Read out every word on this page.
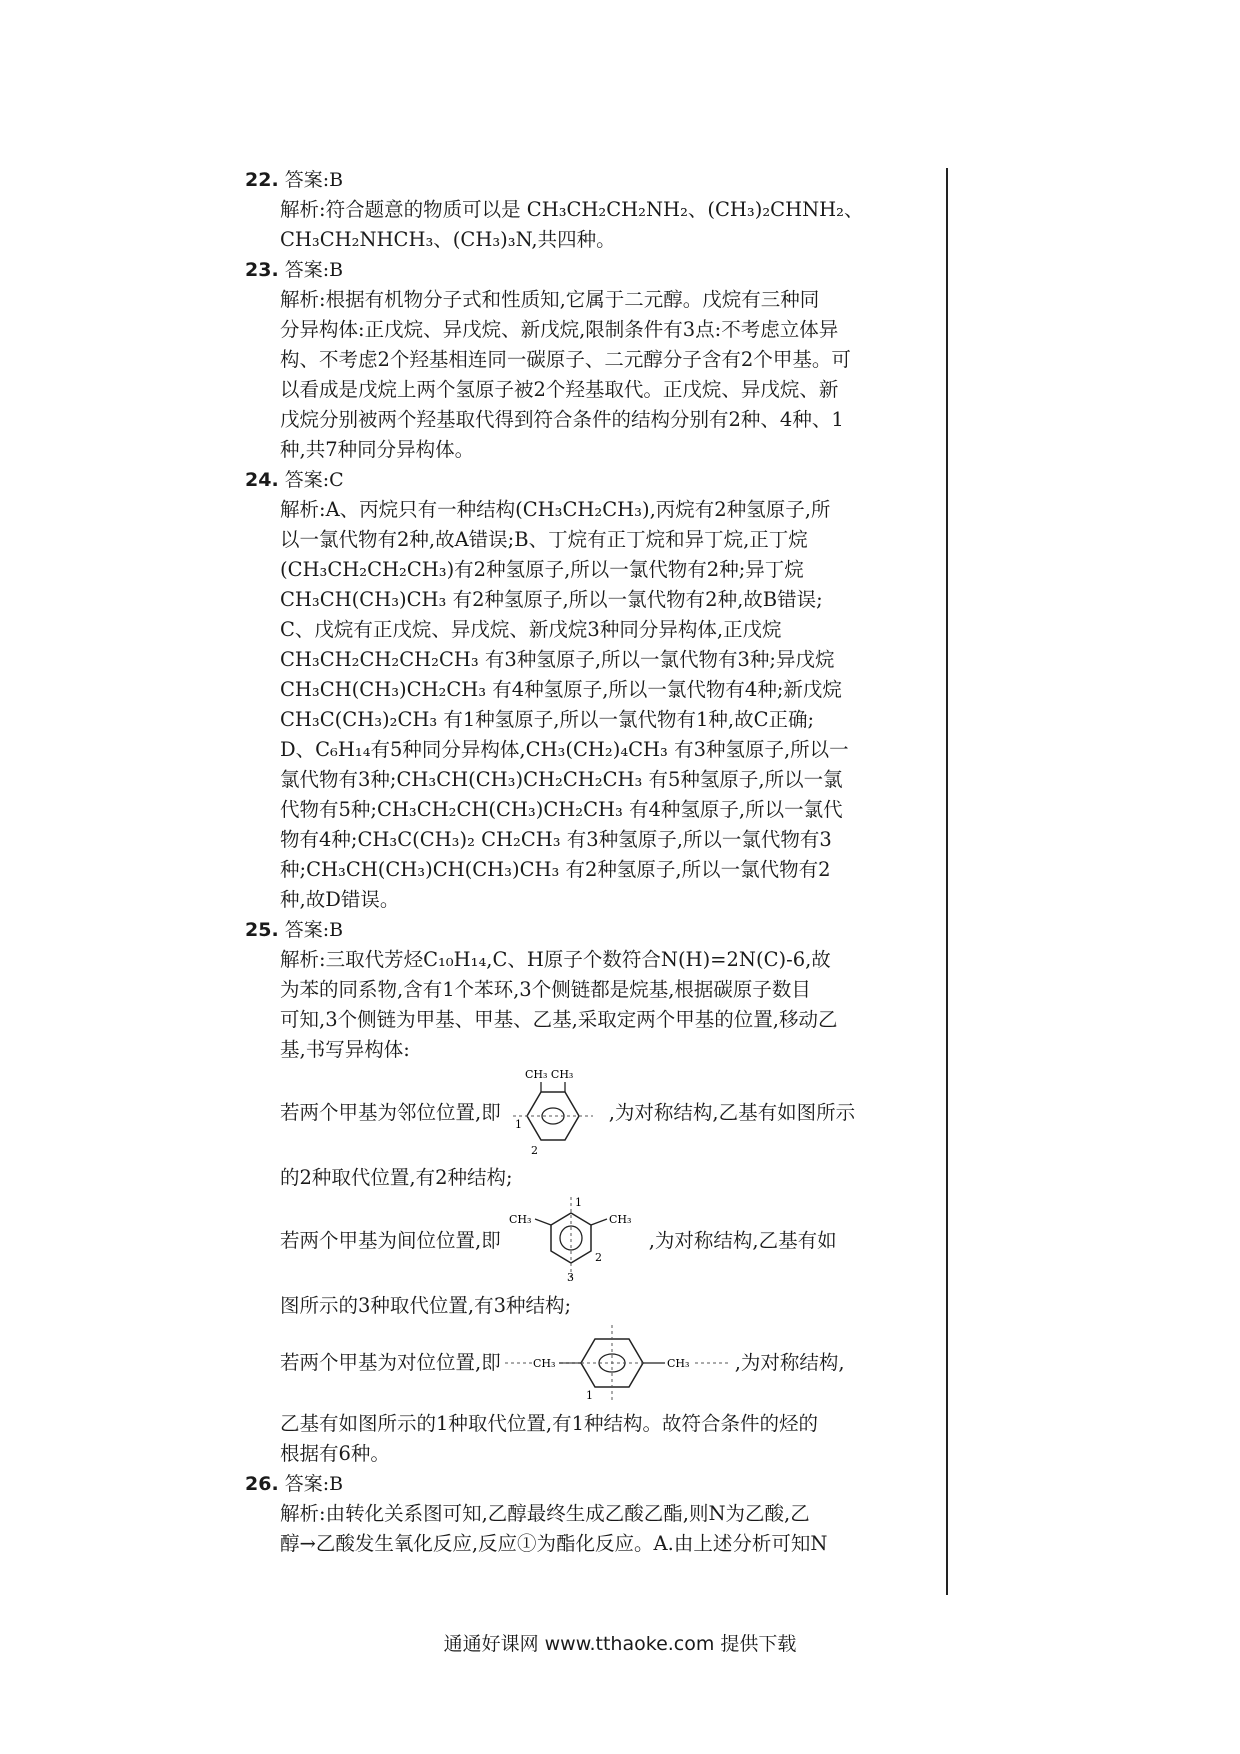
22. 答案:B
解析:符合题意的物质可以是 CH₃CH₂CH₂NH₂、(CH₃)₂CHNH₂、
CH₃CH₂NHCH₃、(CH₃)₃N,共四种。
23. 答案:B
解析:根据有机物分子式和性质知,它属于二元醇。戊烷有三种同
分异构体:正戊烷、异戊烷、新戊烷,限制条件有3点:不考虑立体异
构、不考虑2个羟基相连同一碳原子、二元醇分子含有2个甲基。可
以看成是戊烷上两个氢原子被2个羟基取代。正戊烷、异戊烷、新
戊烷分别被两个羟基取代得到符合条件的结构分别有2种、4种、1
种,共7种同分异构体。
24. 答案:C
解析:A、丙烷只有一种结构(CH₃CH₂CH₃),丙烷有2种氢原子,所
以一氯代物有2种,故A错误;B、丁烷有正丁烷和异丁烷,正丁烷
(CH₃CH₂CH₂CH₃)有2种氢原子,所以一氯代物有2种;异丁烷
CH₃CH(CH₃)CH₃ 有2种氢原子,所以一氯代物有2种,故B错误;
C、戊烷有正戊烷、异戊烷、新戊烷3种同分异构体,正戊烷
CH₃CH₂CH₂CH₂CH₃ 有3种氢原子,所以一氯代物有3种;异戊烷
CH₃CH(CH₃)CH₂CH₃ 有4种氢原子,所以一氯代物有4种;新戊烷
CH₃C(CH₃)₂CH₃ 有1种氢原子,所以一氯代物有1种,故C正确;
D、C₆H₁₄有5种同分异构体,CH₃(CH₂)₄CH₃ 有3种氢原子,所以一
氯代物有3种;CH₃CH(CH₃)CH₂CH₂CH₃ 有5种氢原子,所以一氯
代物有5种;CH₃CH₂CH(CH₃)CH₂CH₃ 有4种氢原子,所以一氯代
物有4种;CH₃C(CH₃)₂ CH₂CH₃ 有3种氢原子,所以一氯代物有3
种;CH₃CH(CH₃)CH(CH₃)CH₃ 有2种氢原子,所以一氯代物有2
种,故D错误。
25. 答案:B
解析:三取代芳烃C₁₀H₁₄,C、H原子个数符合N(H)=2N(C)-6,故
为苯的同系物,含有1个苯环,3个侧链都是烷基,根据碳原子数目
可知,3个侧链为甲基、甲基、乙基,采取定两个甲基的位置,移动乙
基,书写异构体:
若两个甲基为邻位位置,即
CH₃ CH₃
1
2
,为对称结构,乙基有如图所示
的2种取代位置,有2种结构;
若两个甲基为间位位置,即
CH₃	CH₃
1
2
3
,为对称结构,乙基有如
图所示的3种取代位置,有3种结构;
若两个甲基为对位位置,即	CH₃	CH₃
1
,为对称结构,
乙基有如图所示的1种取代位置,有1种结构。故符合条件的烃的
根据有6种。
26. 答案:B
解析:由转化关系图可知,乙醇最终生成乙酸乙酯,则N为乙酸,乙
醇→乙酸发生氧化反应,反应①为酯化反应。A.由上述分析可知N
通通好课网 www.tthaoke.com 提供下载
